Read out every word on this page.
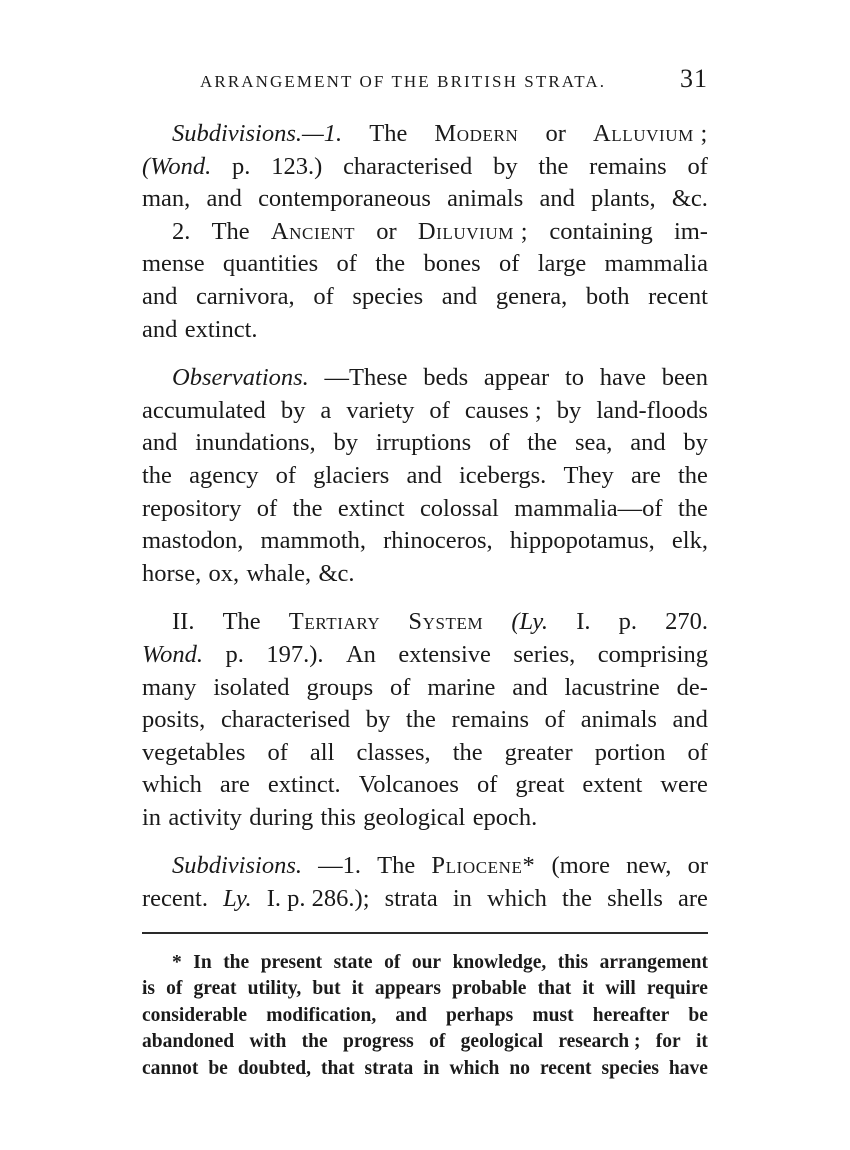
ARRANGEMENT OF THE BRITISH STRATA.	31
Subdivisions.—1. The Modern or Alluvium ;
(Wond. p. 123.) characterised by the remains of
man, and contemporaneous animals and plants, &c.
2. The Ancient or Diluvium ; containing im-
mense quantities of the bones of large mammalia
and carnivora, of species and genera, both recent
and extinct.
Observations. —These beds appear to have been
accumulated by a variety of causes ; by land-floods
and inundations, by irruptions of the sea, and by
the agency of glaciers and icebergs. They are the
repository of the extinct colossal mammalia—of the
mastodon, mammoth, rhinoceros, hippopotamus, elk,
horse, ox, whale, &c.
II. The Tertiary System (Ly. I. p. 270.
Wond. p. 197.). An extensive series, comprising
many isolated groups of marine and lacustrine de-
posits, characterised by the remains of animals and
vegetables of all classes, the greater portion of
which are extinct. Volcanoes of great extent were
in activity during this geological epoch.
Subdivisions. —1. The Pliocene* (more new, or
recent. Ly. I. p. 286.); strata in which the shells are
* In the present state of our knowledge, this arrangement
is of great utility, but it appears probable that it will require
considerable modification, and perhaps must hereafter be
abandoned with the progress of geological research ; for it
cannot be doubted, that strata in which no recent species have
